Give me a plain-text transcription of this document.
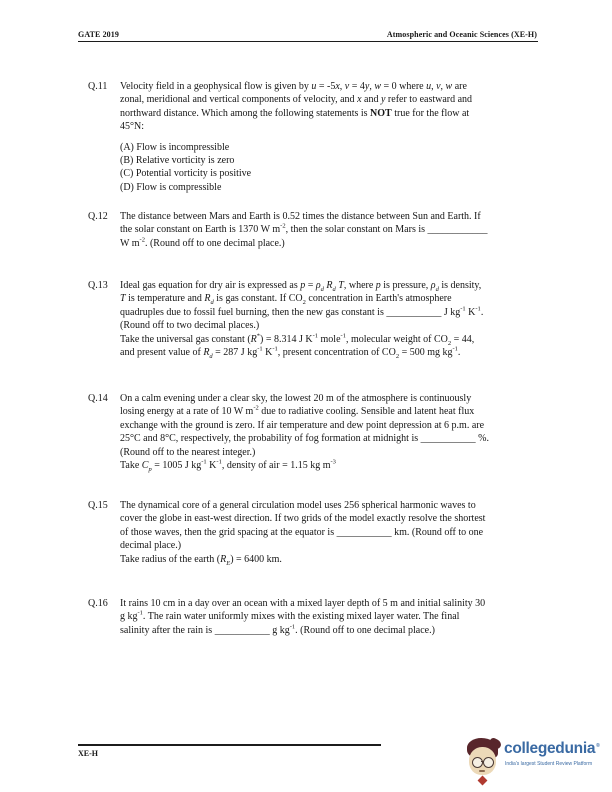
GATE 2019	Atmospheric and Oceanic Sciences (XE-H)
Q.11	Velocity field in a geophysical flow is given by u = -5x, v = 4y, w = 0 where u, v, w are
zonal, meridional and vertical components of velocity, and x and y refer to eastward and
northward distance. Which among the following statements is NOT true for the flow at
45°N:
(A) Flow is incompressible
(B) Relative vorticity is zero
(C) Potential vorticity is positive
(D) Flow is compressible
Q.12	The distance between Mars and Earth is 0.52 times the distance between Sun and Earth. If
the solar constant on Earth is 1370 W $m^{-2}$, then the solar constant on Mars is ____________
W $m^{-2}$. (Round off to one decimal place.)
Q.13	Ideal gas equation for dry air is expressed as $p = \rho_d$ $R_d$ T, where p is pressure, $\rho_d$ is density,
T is temperature and $R_d$ is gas constant. If $CO_2$ concentration in Earth's atmosphere
quadruples due to fossil fuel burning, then the new gas constant is ___________ J $kg^{-1}$ $K^{-1}$.
(Round off to two decimal places.)
Take the universal gas constant (R*) = 8.314 J $K^{-1}$ mole$^{-1}$, molecular weight of $CO_2 = 44$,
and present value of $R_d = 287$ J $kg^{-1}$ $K^{-1}$, present concentration of $CO_2 = 500$ mg $kg^{-1}$.
Q.14	On a calm evening under a clear sky, the lowest 20 m of the atmosphere is continuously
losing energy at a rate of 10 W $m^{-2}$ due to radiative cooling. Sensible and latent heat flux
exchange with the ground is zero. If air temperature and dew point depression at 6 p.m. are
25°C and 8°C, respectively, the probability of fog formation at midnight is ___________ %.
(Round off to the nearest integer.)
Take $C_p = 1005$ J $kg^{-1}$ $K^{-1}$, density of air = 1.15 kg $m^{-3}$
Q.15	The dynamical core of a general circulation model uses 256 spherical harmonic waves to
cover the globe in east-west direction. If two grids of the model exactly resolve the shortest
of those waves, then the grid spacing at the equator is ___________ km. (Round off to one
decimal place.)
Take radius of the earth $(R_E) = 6400$ km.
Q.16	It rains 10 cm in a day over an ocean with a mixed layer depth of 5 m and initial salinity 30
g $kg^{-1}$. The rain water uniformly mixes with the existing mixed layer water. The final
salinity after the rain is ___________ g $kg^{-1}$. (Round off to one decimal place.)
XE-H	collegedunia®
India's largest Student Review Platform
